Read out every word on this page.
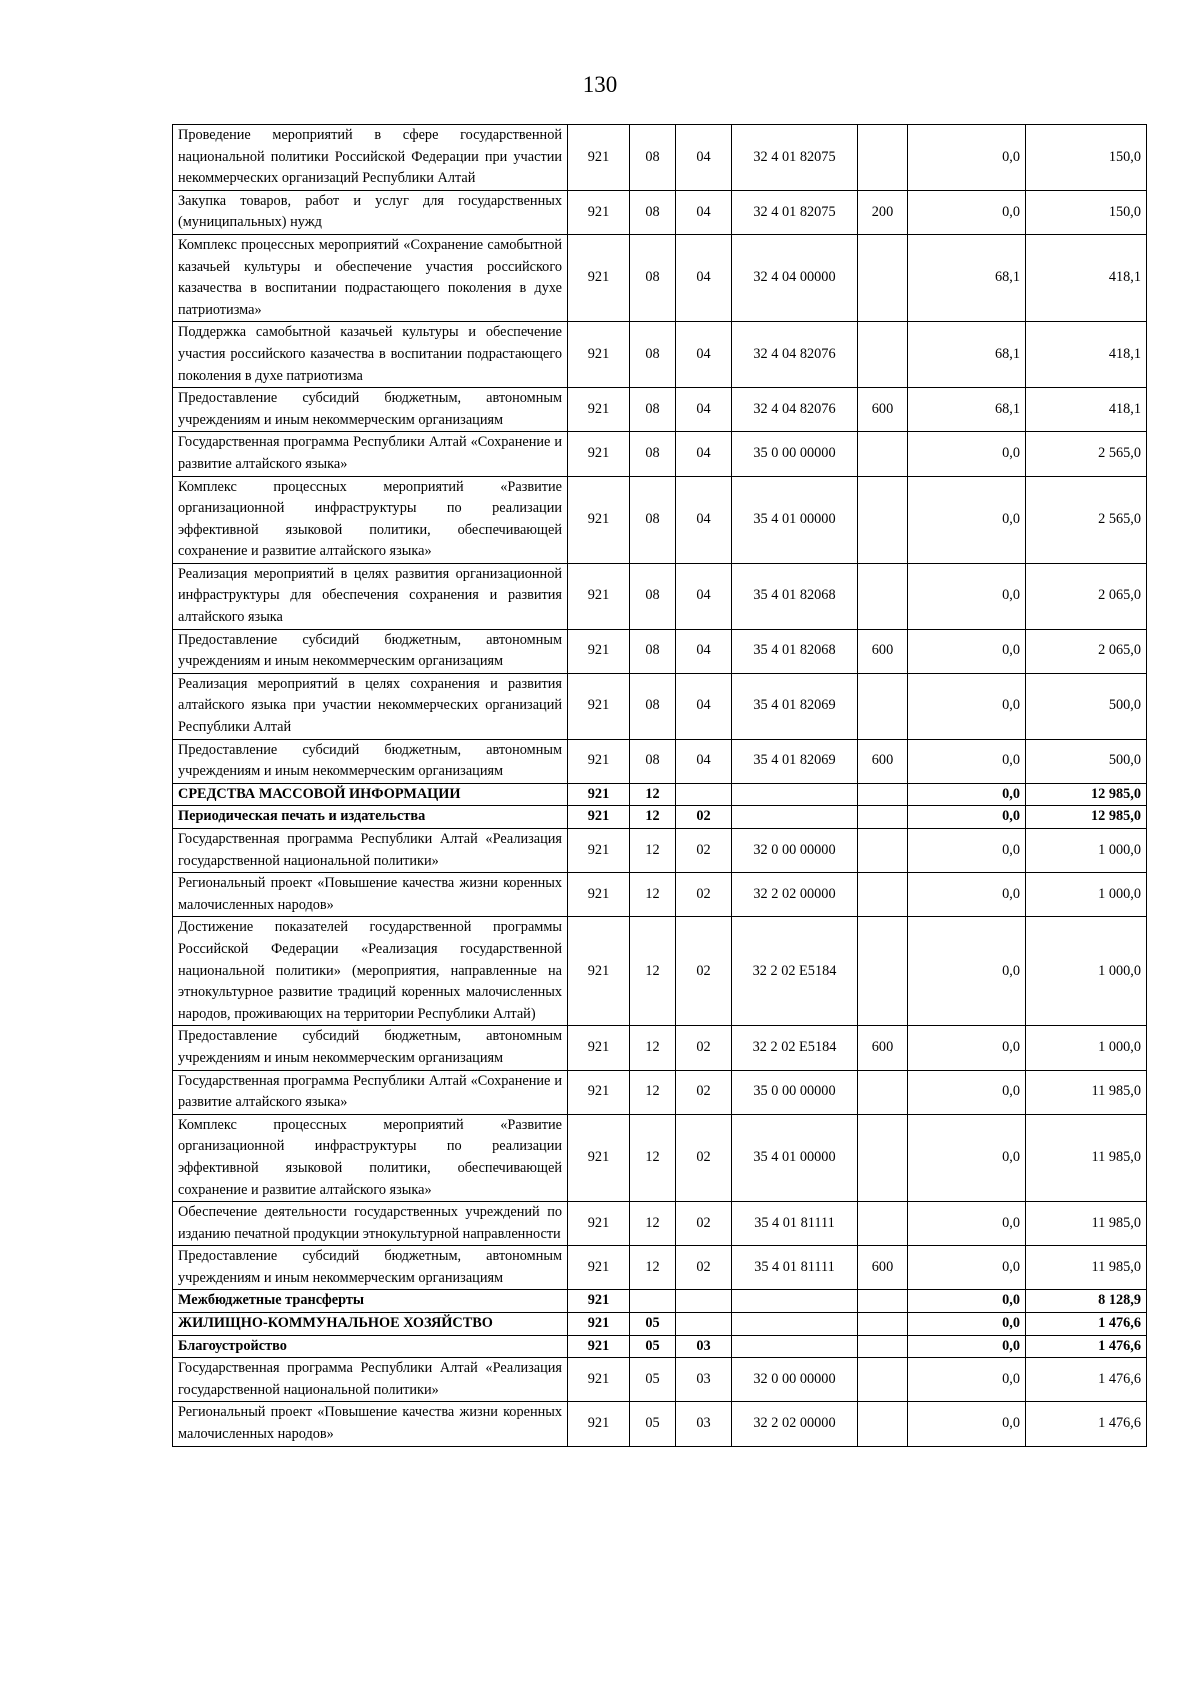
130
Проведение мероприятий в сфере государственной национальной политики Российской Федерации при участии некоммерческих организаций Республики Алтай	921	08	04	32 4 01 82075		0,0	150,0
Закупка товаров, работ и услуг для государственных (муниципальных) нужд	921	08	04	32 4 01 82075	200	0,0	150,0
Комплекс процессных мероприятий «Сохранение самобытной казачьей культуры и обеспечение участия российского казачества в воспитании подрастающего поколения в духе патриотизма»	921	08	04	32 4 04 00000		68,1	418,1
Поддержка самобытной казачьей культуры и обеспечение участия российского казачества в воспитании подрастающего поколения в духе патриотизма	921	08	04	32 4 04 82076		68,1	418,1
Предоставление субсидий бюджетным, автономным учреждениям и иным некоммерческим организациям	921	08	04	32 4 04 82076	600	68,1	418,1
Государственная программа Республики Алтай «Сохранение и развитие алтайского языка»	921	08	04	35 0 00 00000		0,0	2 565,0
Комплекс процессных мероприятий «Развитие организационной инфраструктуры по реализации эффективной языковой политики, обеспечивающей сохранение и развитие алтайского языка»	921	08	04	35 4 01 00000		0,0	2 565,0
Реализация мероприятий в целях развития организационной инфраструктуры для обеспечения сохранения и развития алтайского языка	921	08	04	35 4 01 82068		0,0	2 065,0
Предоставление субсидий бюджетным, автономным учреждениям и иным некоммерческим организациям	921	08	04	35 4 01 82068	600	0,0	2 065,0
Реализация мероприятий в целях сохранения и развития алтайского языка при участии некоммерческих организаций Республики Алтай	921	08	04	35 4 01 82069		0,0	500,0
Предоставление субсидий бюджетным, автономным учреждениям и иным некоммерческим организациям	921	08	04	35 4 01 82069	600	0,0	500,0
СРЕДСТВА МАССОВОЙ ИНФОРМАЦИИ	921	12				0,0	12 985,0
Периодическая печать и издательства	921	12	02			0,0	12 985,0
Государственная программа Республики Алтай «Реализация государственной национальной политики»	921	12	02	32 0 00 00000		0,0	1 000,0
Региональный проект «Повышение качества жизни коренных малочисленных народов»	921	12	02	32 2 02 00000		0,0	1 000,0
Достижение показателей государственной программы Российской Федерации «Реализация государственной национальной политики» (мероприятия, направленные на этнокультурное развитие традиций коренных малочисленных народов, проживающих на территории Республики Алтай)	921	12	02	32 2 02 E5184		0,0	1 000,0
Предоставление субсидий бюджетным, автономным учреждениям и иным некоммерческим организациям	921	12	02	32 2 02 E5184	600	0,0	1 000,0
Государственная программа Республики Алтай «Сохранение и развитие алтайского языка»	921	12	02	35 0 00 00000		0,0	11 985,0
Комплекс процессных мероприятий «Развитие организационной инфраструктуры по реализации эффективной языковой политики, обеспечивающей сохранение и развитие алтайского языка»	921	12	02	35 4 01 00000		0,0	11 985,0
Обеспечение деятельности государственных учреждений по изданию печатной продукции этнокультурной направленности	921	12	02	35 4 01 81111		0,0	11 985,0
Предоставление субсидий бюджетным, автономным учреждениям и иным некоммерческим организациям	921	12	02	35 4 01 81111	600	0,0	11 985,0
Межбюджетные трансферты	921					0,0	8 128,9
ЖИЛИЩНО-КОММУНАЛЬНОЕ ХОЗЯЙСТВО	921	05				0,0	1 476,6
Благоустройство	921	05	03			0,0	1 476,6
Государственная программа Республики Алтай «Реализация государственной национальной политики»	921	05	03	32 0 00 00000		0,0	1 476,6
Региональный проект «Повышение качества жизни коренных малочисленных народов»	921	05	03	32 2 02 00000		0,0	1 476,6
